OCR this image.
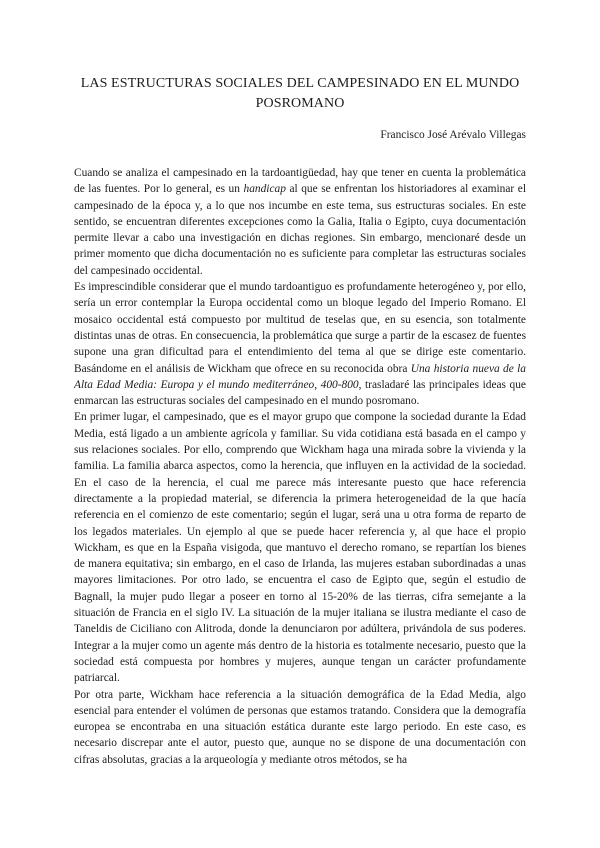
LAS ESTRUCTURAS SOCIALES DEL CAMPESINADO EN EL MUNDO POSROMANO

Francisco José Arévalo Villegas

Cuando se analiza el campesinado en la tardoantigüedad, hay que tener en cuenta la problemática de las fuentes. Por lo general, es un handicap al que se enfrentan los historiadores al examinar el campesinado de la época y, a lo que nos incumbe en este tema, sus estructuras sociales. En este sentido, se encuentran diferentes excepciones como la Galia, Italia o Egipto, cuya documentación permite llevar a cabo una investigación en dichas regiones. Sin embargo, mencionaré desde un primer momento que dicha documentación no es suficiente para completar las estructuras sociales del campesinado occidental.

Es imprescindible considerar que el mundo tardoantiguo es profundamente heterogéneo y, por ello, sería un error contemplar la Europa occidental como un bloque legado del Imperio Romano. El mosaico occidental está compuesto por multitud de teselas que, en su esencia, son totalmente distintas unas de otras. En consecuencia, la problemática que surge a partir de la escasez de fuentes supone una gran dificultad para el entendimiento del tema al que se dirige este comentario. Basándome en el análisis de Wickham que ofrece en su reconocida obra Una historia nueva de la Alta Edad Media: Europa y el mundo mediterráneo, 400-800, trasladaré las principales ideas que enmarcan las estructuras sociales del campesinado en el mundo posromano.

En primer lugar, el campesinado, que es el mayor grupo que compone la sociedad durante la Edad Media, está ligado a un ambiente agrícola y familiar. Su vida cotidiana está basada en el campo y sus relaciones sociales. Por ello, comprendo que Wickham haga una mirada sobre la vivienda y la familia. La familia abarca aspectos, como la herencia, que influyen en la actividad de la sociedad. En el caso de la herencia, el cual me parece más interesante puesto que hace referencia directamente a la propiedad material, se diferencia la primera heterogeneidad de la que hacía referencia en el comienzo de este comentario; según el lugar, será una u otra forma de reparto de los legados materiales. Un ejemplo al que se puede hacer referencia y, al que hace el propio Wickham, es que en la España visigoda, que mantuvo el derecho romano, se repartían los bienes de manera equitativa; sin embargo, en el caso de Irlanda, las mujeres estaban subordinadas a unas mayores limitaciones. Por otro lado, se encuentra el caso de Egipto que, según el estudio de Bagnall, la mujer pudo llegar a poseer en torno al 15-20% de las tierras, cifra semejante a la situación de Francia en el siglo IV. La situación de la mujer italiana se ilustra mediante el caso de Taneldis de Ciciliano con Alitroda, donde la denunciaron por adúltera, privándola de sus poderes. Integrar a la mujer como un agente más dentro de la historia es totalmente necesario, puesto que la sociedad está compuesta por hombres y mujeres, aunque tengan un carácter profundamente patriarcal.

Por otra parte, Wickham hace referencia a la situación demográfica de la Edad Media, algo esencial para entender el volúmen de personas que estamos tratando. Considera que la demografía europea se encontraba en una situación estática durante este largo periodo. En este caso, es necesario discrepar ante el autor, puesto que, aunque no se dispone de una documentación con cifras absolutas, gracias a la arqueología y mediante otros métodos, se ha
